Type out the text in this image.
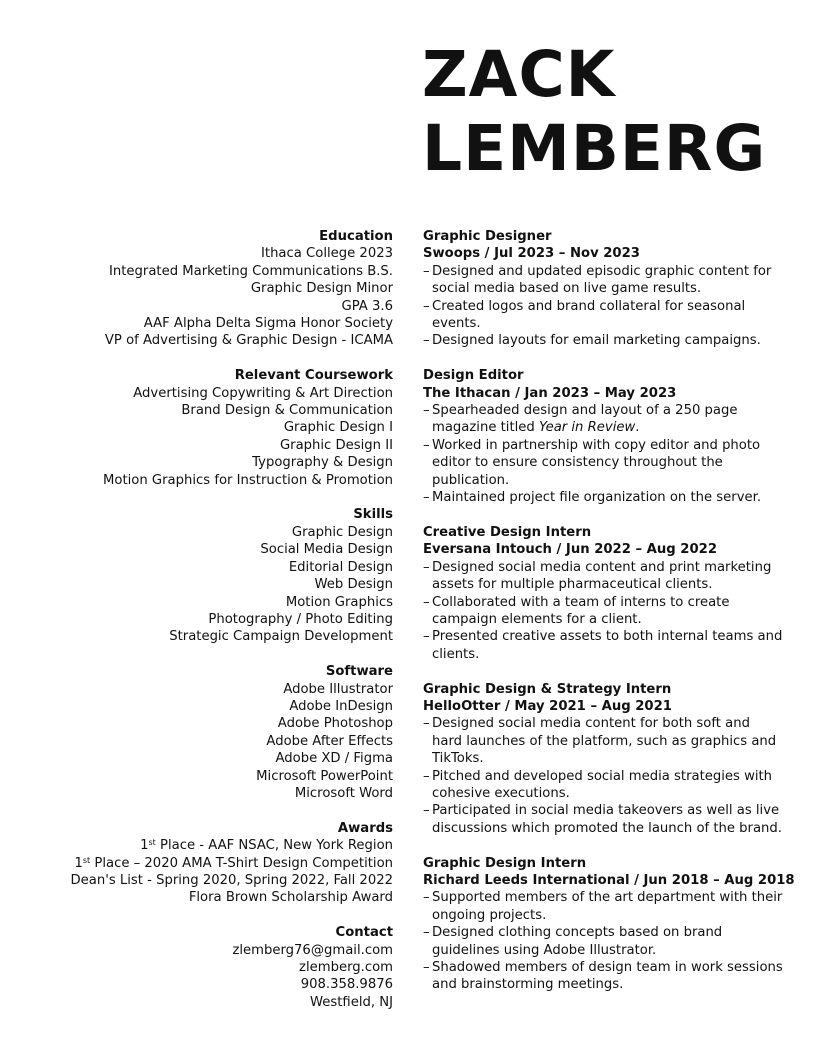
ZACK
LEMBERG
Education
Ithaca College 2023
Integrated Marketing Communications B.S.
Graphic Design Minor
GPA 3.6
AAF Alpha Delta Sigma Honor Society
VP of Advertising & Graphic Design - ICAMA
Relevant Coursework
Advertising Copywriting & Art Direction
Brand Design & Communication
Graphic Design I
Graphic Design II
Typography & Design
Motion Graphics for Instruction & Promotion
Skills
Graphic Design
Social Media Design
Editorial Design
Web Design
Motion Graphics
Photography / Photo Editing
Strategic Campaign Development
Software
Adobe Illustrator
Adobe InDesign
Adobe Photoshop
Adobe After Effects
Adobe XD / Figma
Microsoft PowerPoint
Microsoft Word
Awards
1st Place - AAF NSAC, New York Region
1st Place – 2020 AMA T-Shirt Design Competition
Dean's List - Spring 2020, Spring 2022, Fall 2022
Flora Brown Scholarship Award
Contact
zlemberg76@gmail.com
zlemberg.com
908.358.9876
Westfield, NJ
Graphic Designer
Swoops / Jul 2023 – Nov 2023
– Designed and updated episodic graphic content for social media based on live game results.
– Created logos and brand collateral for seasonal events.
– Designed layouts for email marketing campaigns.
Design Editor
The Ithacan / Jan 2023 – May 2023
– Spearheaded design and layout of a 250 page magazine titled Year in Review.
– Worked in partnership with copy editor and photo editor to ensure consistency throughout the publication.
– Maintained project file organization on the server.
Creative Design Intern
Eversana Intouch / Jun 2022 – Aug 2022
– Designed social media content and print marketing assets for multiple pharmaceutical clients.
– Collaborated with a team of interns to create campaign elements for a client.
– Presented creative assets to both internal teams and clients.
Graphic Design & Strategy Intern
HelloOtter / May 2021 – Aug 2021
– Designed social media content for both soft and hard launches of the platform, such as graphics and TikToks.
– Pitched and developed social media strategies with cohesive executions.
– Participated in social media takeovers as well as live discussions which promoted the launch of the brand.
Graphic Design Intern
Richard Leeds International / Jun 2018 – Aug 2018
– Supported members of the art department with their ongoing projects.
– Designed clothing concepts based on brand guidelines using Adobe Illustrator.
– Shadowed members of design team in work sessions and brainstorming meetings.
